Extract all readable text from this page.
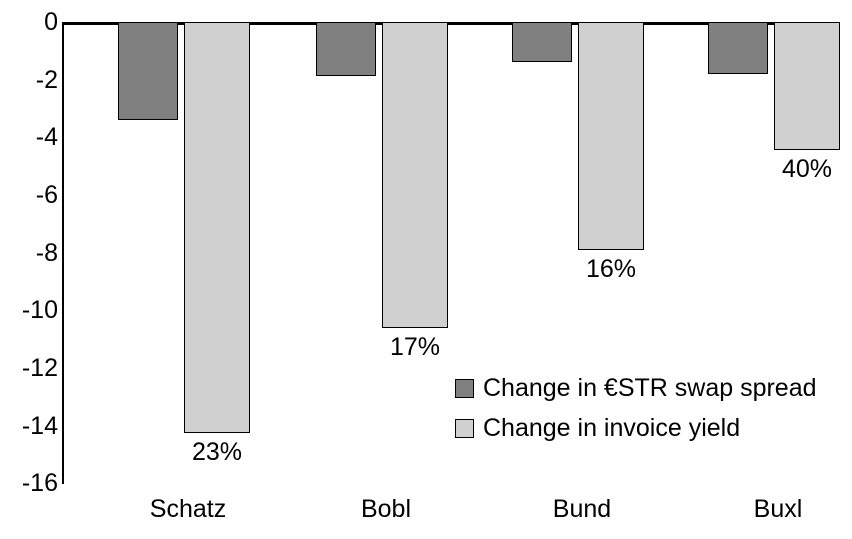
0
-2
-4
-6
-8
-10
-12
-14
-16
23%
17%
16%
40%
Schatz	Bobl	Bund	Buxl
Change in €STR swap spread
Change in invoice yield
